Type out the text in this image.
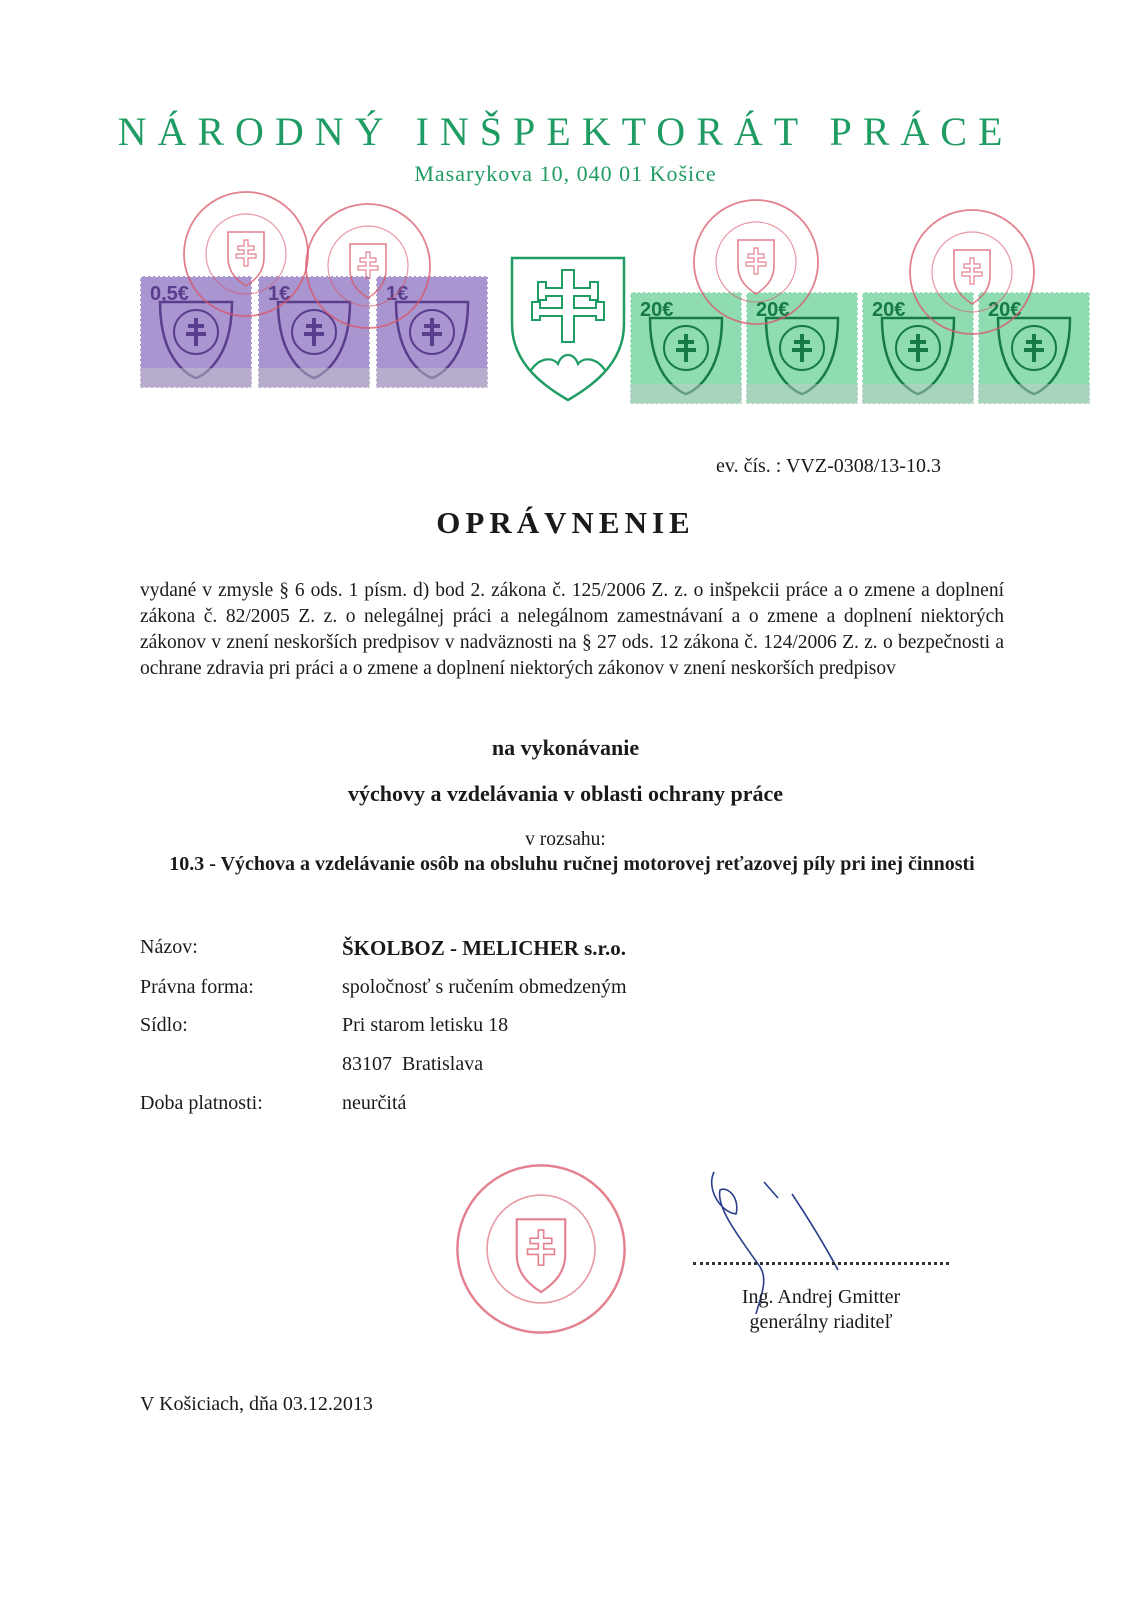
NÁRODNÝ INŠPEKTORÁT PRÁCE
Masarykova 10, 040 01 Košice
0,5€	1€	1€
20€	20€	20€	20€
ev. čís. : VVZ-0308/13-10.3
OPRÁVNENIE
vydané v zmysle § 6 ods. 1 písm. d) bod 2. zákona č. 125/2006 Z. z. o inšpekcii práce a o zmene a doplnení zákona č. 82/2005 Z. z. o nelegálnej práci a nelegálnom zamestnávaní a o zmene a doplnení niektorých zákonov v znení neskorších predpisov v nadväznosti na § 27 ods. 12 zákona č. 124/2006 Z. z. o bezpečnosti a ochrane zdravia pri práci a o zmene a doplnení niektorých zákonov v znení neskorších predpisov
na vykonávanie
výchovy a vzdelávania v oblasti ochrany práce
v rozsahu:
10.3 - Výchova a vzdelávanie osôb na obsluhu ručnej motorovej reťazovej píly pri inej činnosti
Názov:	ŠKOLBOZ - MELICHER s.r.o.
Právna forma:	spoločnosť s ručením obmedzeným
Sídlo:	Pri starom letisku 18
83107  Bratislava
Doba platnosti:	neurčitá
Ing. Andrej Gmitter
generálny riaditeľ
V Košiciach, dňa 03.12.2013
